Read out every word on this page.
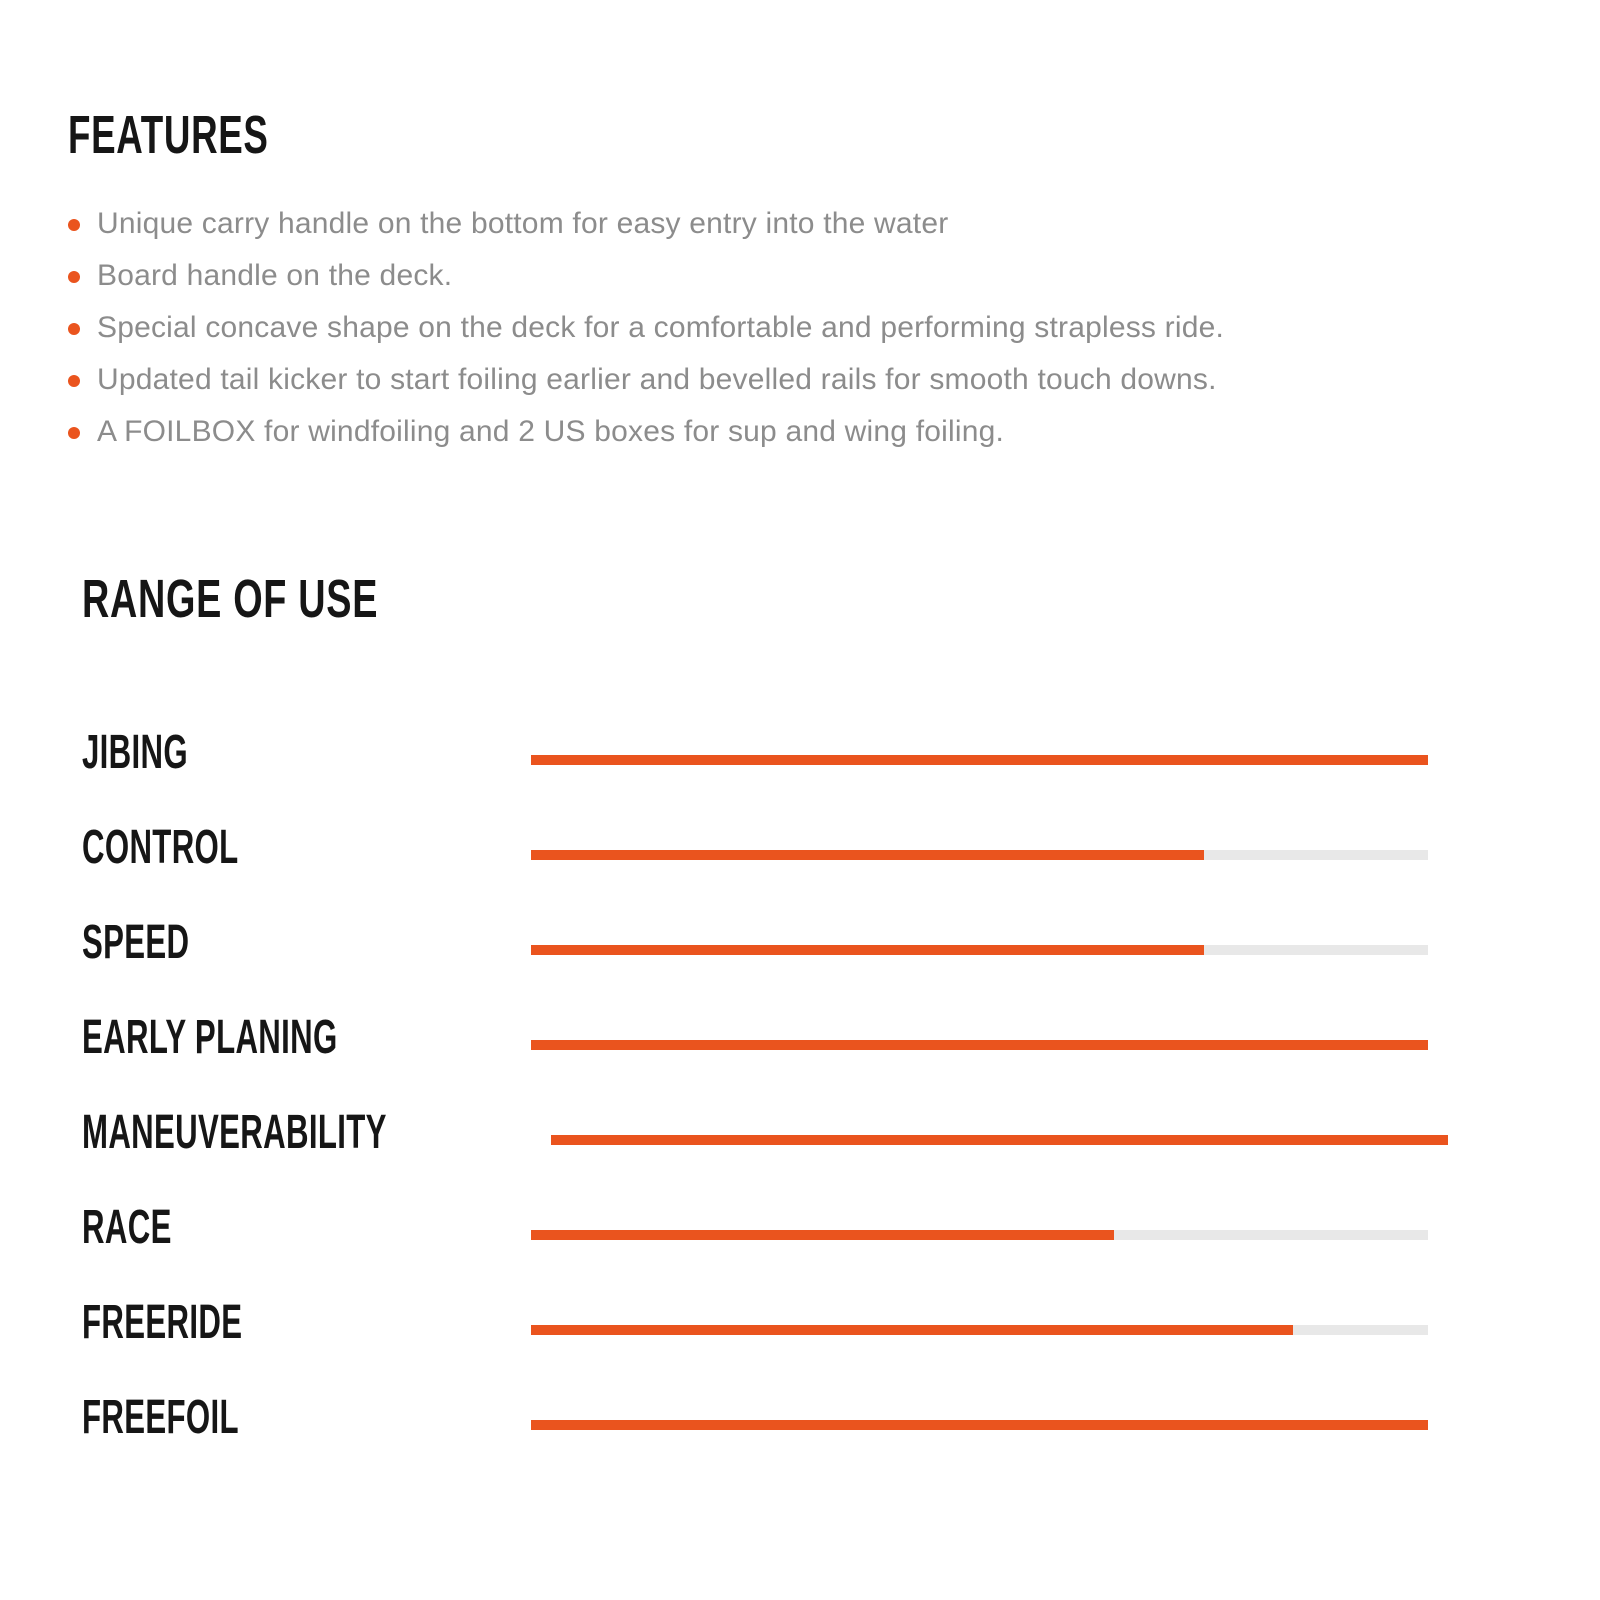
FEATURES
Unique carry handle on the bottom for easy entry into the water
Board handle on the deck.
Special concave shape on the deck for a comfortable and performing strapless ride.
Updated tail kicker to start foiling earlier and bevelled rails for smooth touch downs.
A FOILBOX for windfoiling and 2 US boxes for sup and wing foiling.
RANGE OF USE
JIBING
CONTROL
SPEED
EARLY PLANING
MANEUVERABILITY
RACE
FREERIDE
FREEFOIL
